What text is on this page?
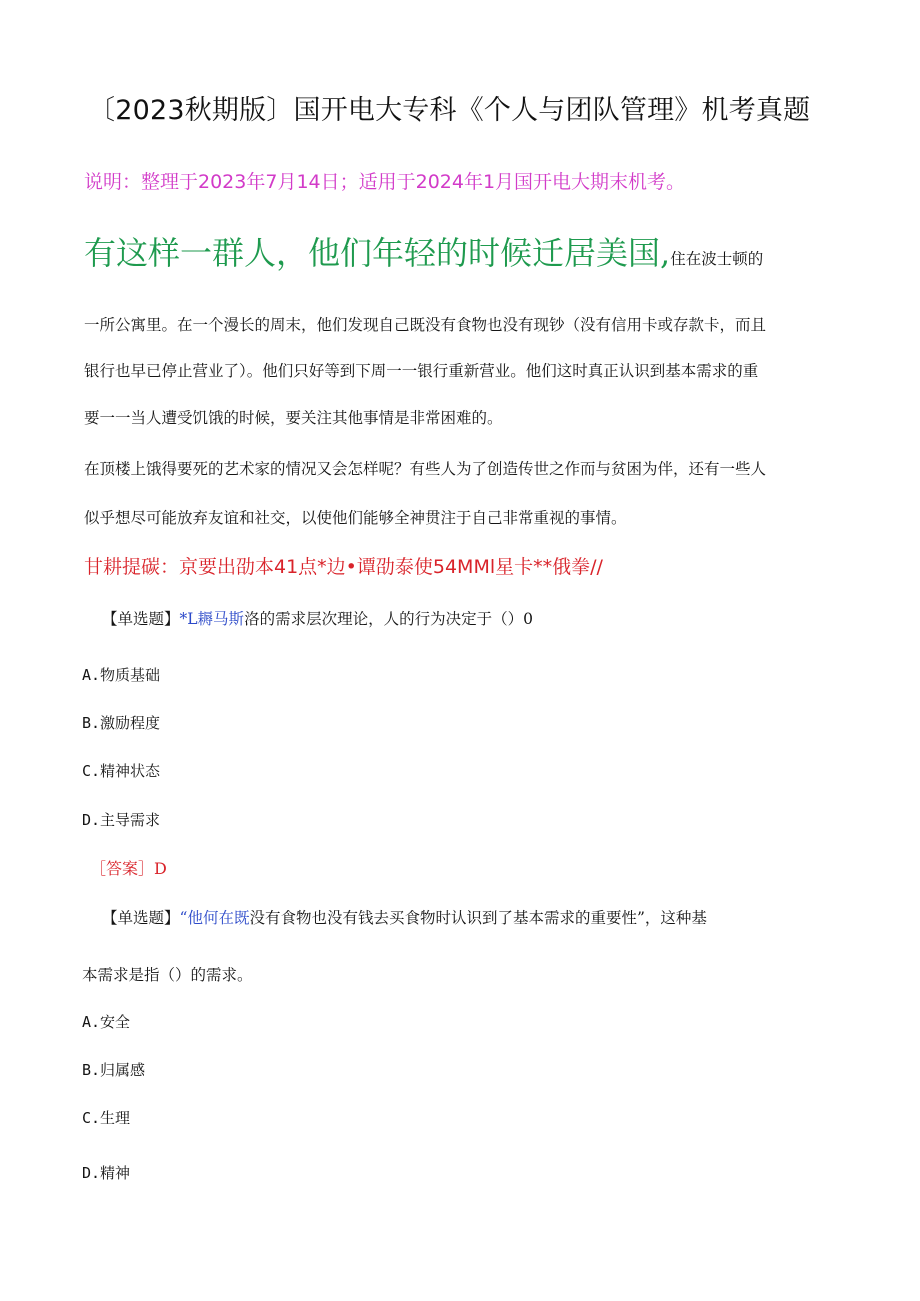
〔2023秋期版〕国开电大专科《个人与团队管理》机考真题
说明：整理于2023年7月14日；适用于2024年1月国开电大期末机考。
有这样一群人，他们年轻的时候迁居美国,住在波士顿的
一所公寓里。在一个漫长的周末，他们发现自己既没有食物也没有现钞（没有信用卡或存款卡，而且
银行也早已停止营业了）。他们只好等到下周一一银行重新营业。他们这时真正认识到基本需求的重
要一一当人遭受饥饿的时候，要关注其他事情是非常困难的。
在顶楼上饿得要死的艺术家的情况又会怎样呢？有些人为了创造传世之作而与贫困为伴，还有一些人
似乎想尽可能放弃友谊和社交，以使他们能够全神贯注于自己非常重视的事情。
甘耕提碳：京要出劭本41点*边•谭劭泰使54MMl星卡**俄拳//
【单选题】*L耨马斯洛的需求层次理论，人的行为决定于（）0
A.物质基础
B.激励程度
C.精神状态
D.主导需求
［答案］D
【单选题】“他何在既没有食物也没有钱去买食物时认识到了基本需求的重要性”，这种基
本需求是指（）的需求。
A.安全
B.归属感
C.生理
D.精神
